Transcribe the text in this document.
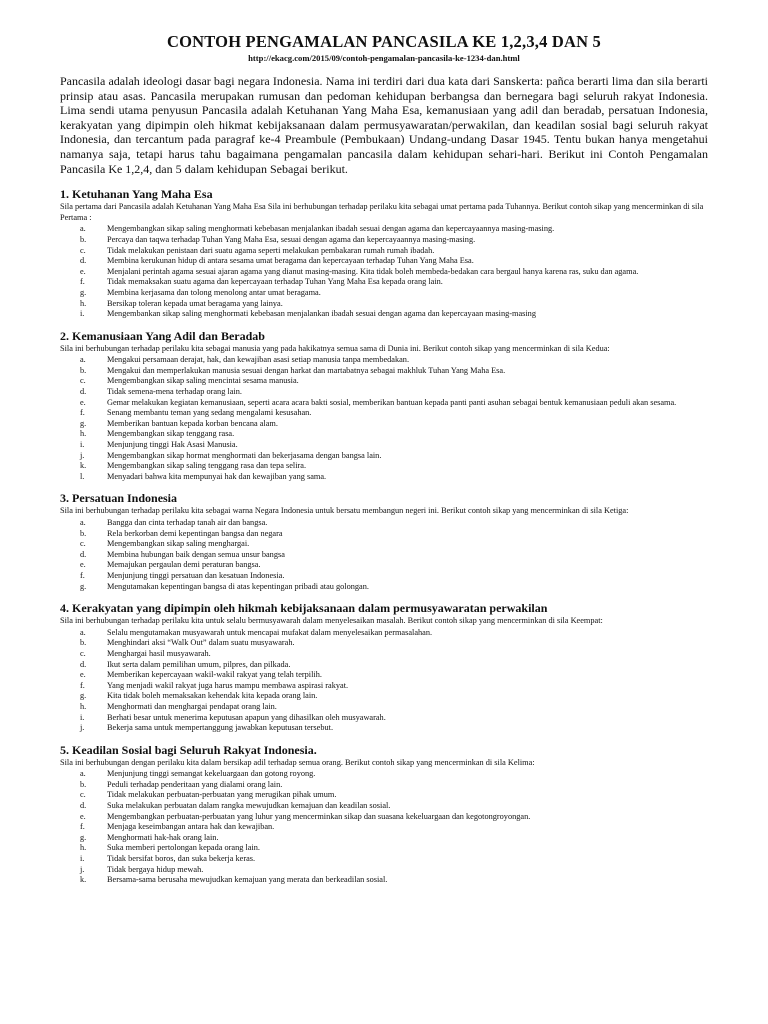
CONTOH PENGAMALAN PANCASILA KE 1,2,3,4 DAN 5
http://ekacg.com/2015/09/contoh-pengamalan-pancasila-ke-1234-dan.html

Pancasila adalah ideologi dasar bagi negara Indonesia. Nama ini terdiri dari dua kata dari Sanskerta: pañca berarti lima dan sila berarti prinsip atau asas. Pancasila merupakan rumusan dan pedoman kehidupan berbangsa dan bernegara bagi seluruh rakyat Indonesia. Lima sendi utama penyusun Pancasila adalah Ketuhanan Yang Maha Esa, kemanusiaan yang adil dan beradab, persatuan Indonesia, kerakyatan yang dipimpin oleh hikmat kebijaksanaan dalam permusyawaratan/perwakilan, dan keadilan sosial bagi seluruh rakyat Indonesia, dan tercantum pada paragraf ke-4 Preambule (Pembukaan) Undang-undang Dasar 1945. Tentu bukan hanya mengetahui namanya saja, tetapi harus tahu bagaimana pengamalan pancasila dalam kehidupan sehari-hari. Berikut ini Contoh Pengamalan Pancasila Ke 1,2,4, dan 5 dalam kehidupan Sebagai berikut.

1. Ketuhanan Yang Maha Esa

Sila pertama dari Pancasila adalah Ketuhanan Yang Maha Esa Sila ini berhubungan terhadap perilaku kita sebagai umat pertama pada Tuhannya. Berikut contoh sikap yang mencerminkan di sila Pertama :

a.	Mengembangkan sikap saling menghormati kebebasan menjalankan ibadah sesuai dengan agama dan kepercayaannya masing-masing.
b.	Percaya dan taqwa terhadap Tuhan Yang Maha Esa, sesuai dengan agama dan kepercayaannya masing-masing.
c.	Tidak melakukan penistaan dari suatu agama seperti melakukan pembakaran rumah rumah ibadah.
d.	Membina kerukunan hidup di antara sesama umat beragama dan kepercayaan terhadap Tuhan Yang Maha Esa.
e.	Menjalani perintah agama sesuai ajaran agama yang dianut masing-masing. Kita tidak boleh membeda-bedakan cara bergaul hanya karena ras, suku dan agama.
f.	Tidak memaksakan suatu agama dan kepercayaan terhadap Tuhan Yang Maha Esa kepada orang lain.
g.	Membina kerjasama dan tolong menolong antar umat beragama.
h.	Bersikap toleran kepada umat beragama yang lainya.
i.	Mengembankan sikap saling menghormati kebebasan menjalankan ibadah sesuai dengan agama dan kepercayaan masing-masing
2. Kemanusiaan Yang Adil dan Beradab

Sila ini berhubungan terhadap perilaku kita sebagai manusia yang pada hakikatnya semua sama di Dunia ini. Berikut contoh sikap yang mencerminkan di sila Kedua:

a.	Mengakui persamaan derajat, hak, dan kewajiban asasi setiap manusia tanpa membedakan.
b.	Mengakui dan memperlakukan manusia sesuai dengan harkat dan martabatnya sebagai makhluk Tuhan Yang Maha Esa.
c.	Mengembangkan sikap saling mencintai sesama manusia.
d.	Tidak semena-mena terhadap orang lain.
e.	Gemar melakukan kegiatan kemanusiaan, seperti acara acara bakti sosial, memberikan bantuan kepada panti panti asuhan sebagai bentuk kemanusiaan peduli akan sesama.
f.	Senang membantu teman yang sedang mengalami kesusahan.
g.	Memberikan bantuan kepada korban bencana alam.
h.	Mengembangkan sikap tenggang rasa.
i.	Menjunjung tinggi Hak Asasi Manusia.
j.	Mengembangkan sikap hormat menghormati dan bekerjasama dengan bangsa lain.
k.	Mengembangkan sikap saling tenggang rasa dan tepa selira.
l.	Menyadari bahwa kita mempunyai hak dan kewajiban yang sama.
3. Persatuan Indonesia

Sila ini berhubungan terhadap perilaku kita sebagai warna Negara Indonesia untuk bersatu membangun negeri ini. Berikut contoh sikap yang mencerminkan di sila Ketiga:

a.	Bangga dan cinta terhadap tanah air dan bangsa.
b.	Rela berkorban demi kepentingan bangsa dan negara
c.	Mengembangkan sikap saling menghargai.
d.	Membina hubungan baik dengan semua unsur bangsa
e.	Memajukan pergaulan demi peraturan bangsa.
f.	Menjunjung tinggi persatuan dan kesatuan Indonesia.
g.	Mengutamakan kepentingan bangsa di atas kepentingan pribadi atau golongan.
4. Kerakyatan yang dipimpin oleh hikmah kebijaksanaan dalam permusyawaratan perwakilan

Sila ini berhubungan terhadap perilaku kita untuk selalu bermusyawarah dalam menyelesaikan masalah. Berikut contoh sikap yang mencerminkan di sila Keempat:

a.	Selalu mengutamakan musyawarah untuk mencapai mufakat dalam menyelesaikan permasalahan.
b.	Menghindari aksi “Walk Out” dalam suatu musyawarah.
c.	Menghargai hasil musyawarah.
d.	Ikut serta dalam pemilihan umum, pilpres, dan pilkada.
e.	Memberikan kepercayaan wakil-wakil rakyat yang telah terpilih.
f.	Yang menjadi wakil rakyat juga harus mampu membawa aspirasi rakyat.
g.	Kita tidak boleh memaksakan kehendak kita kepada orang lain.
h.	Menghormati dan menghargai pendapat orang lain.
i.	Berhati besar untuk menerima keputusan apapun yang dihasilkan oleh musyawarah.
j.	Bekerja sama untuk mempertanggung jawabkan keputusan tersebut.
5. Keadilan Sosial bagi Seluruh Rakyat Indonesia.

Sila ini berhubungan dengan perilaku kita dalam bersikap adil terhadap semua orang. Berikut contoh sikap yang mencerminkan di sila Kelima:

a.	Menjunjung tinggi semangat kekeluargaan dan gotong royong.
b.	Peduli terhadap penderitaan yang dialami orang lain.
c.	Tidak melakukan perbuatan-perbuatan yang merugikan pihak umum.
d.	Suka melakukan perbuatan dalam rangka mewujudkan kemajuan dan keadilan sosial.
e.	Mengembangkan perbuatan-perbuatan yang luhur yang mencerminkan sikap dan suasana kekeluargaan dan kegotongroyongan.
f.	Menjaga keseimbangan antara hak dan kewajiban.
g.	Menghormati hak-hak orang lain.
h.	Suka memberi pertolongan kepada orang lain.
i.	Tidak bersifat boros, dan suka bekerja keras.
j.	Tidak bergaya hidup mewah.
k.	Bersama-sama berusaha mewujudkan kemajuan yang merata dan berkeadilan sosial.
